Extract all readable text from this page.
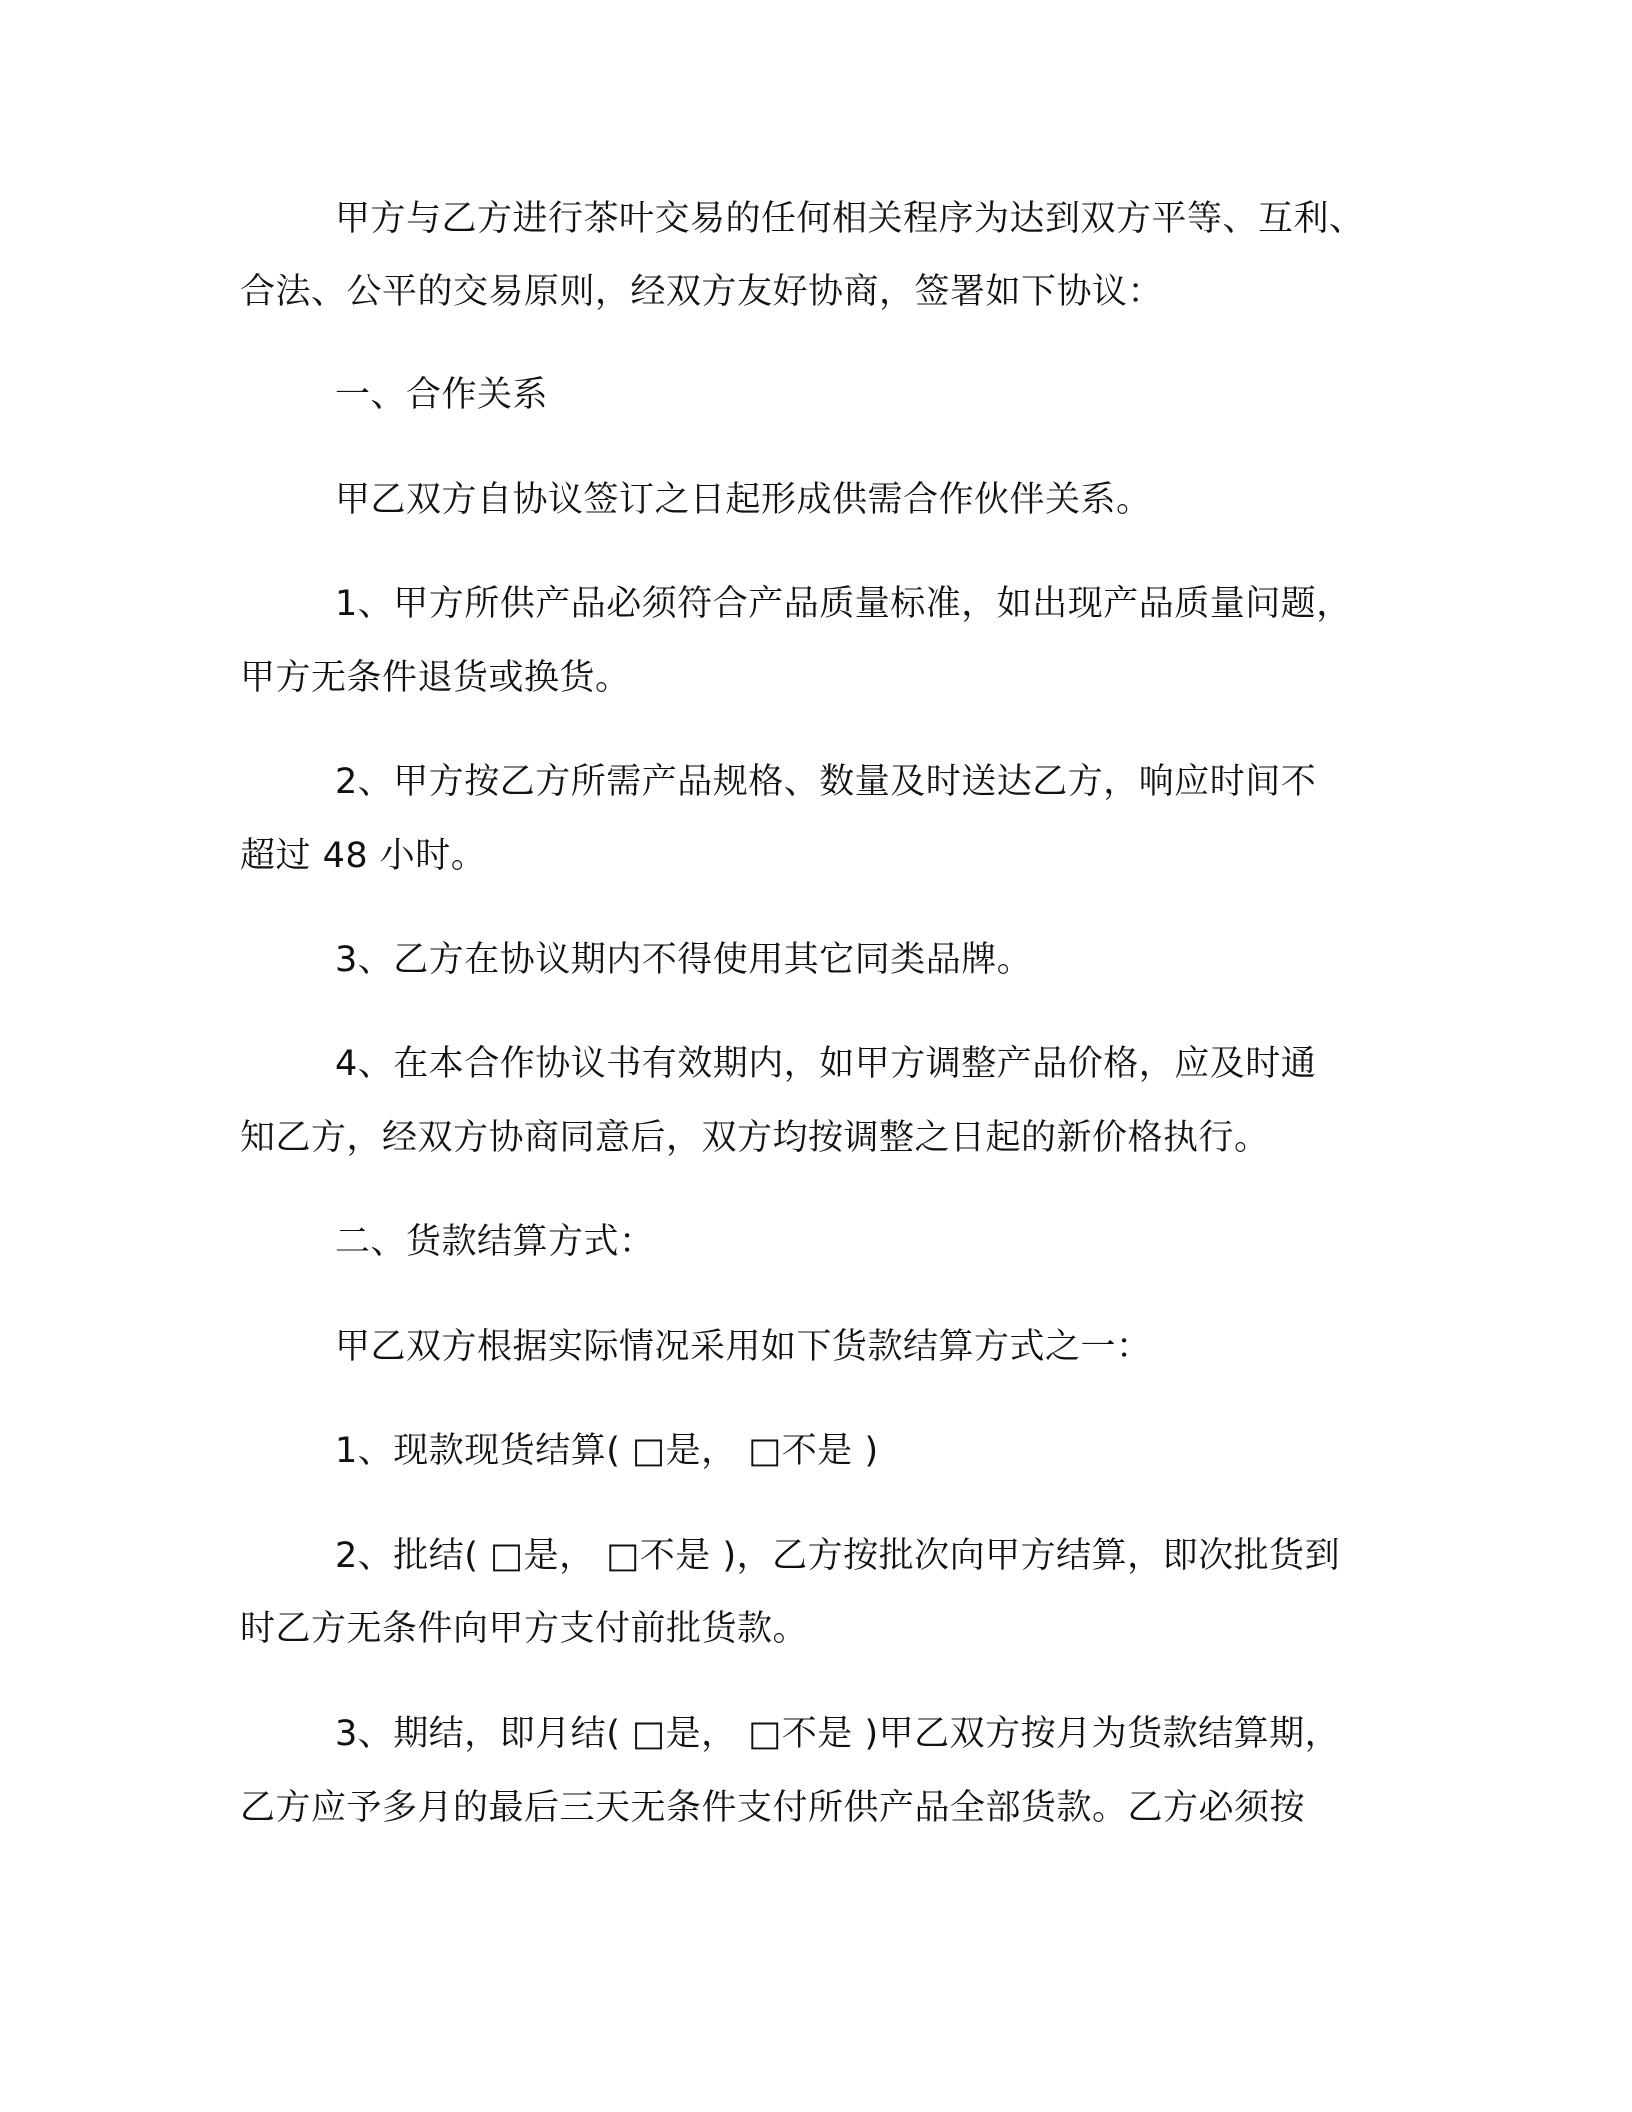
甲方与乙方进行茶叶交易的任何相关程序为达到双方平等、互利、
合法、公平的交易原则，经双方友好协商，签署如下协议：
一、合作关系
甲乙双方自协议签订之日起形成供需合作伙伴关系。
1、甲方所供产品必须符合产品质量标准，如出现产品质量问题，
甲方无条件退货或换货。
2、甲方按乙方所需产品规格、数量及时送达乙方，响应时间不
超过 48 小时。
3、乙方在协议期内不得使用其它同类品牌。
4、在本合作协议书有效期内，如甲方调整产品价格，应及时通
知乙方，经双方协商同意后，双方均按调整之日起的新价格执行。
二、货款结算方式：
甲乙双方根据实际情况采用如下货款结算方式之一：
1、现款现货结算( □是， □不是 )
2、批结( □是， □不是 )，乙方按批次向甲方结算，即次批货到
时乙方无条件向甲方支付前批货款。
3、期结，即月结( □是， □不是 )甲乙双方按月为货款结算期，
乙方应予多月的最后三天无条件支付所供产品全部货款。乙方必须按
